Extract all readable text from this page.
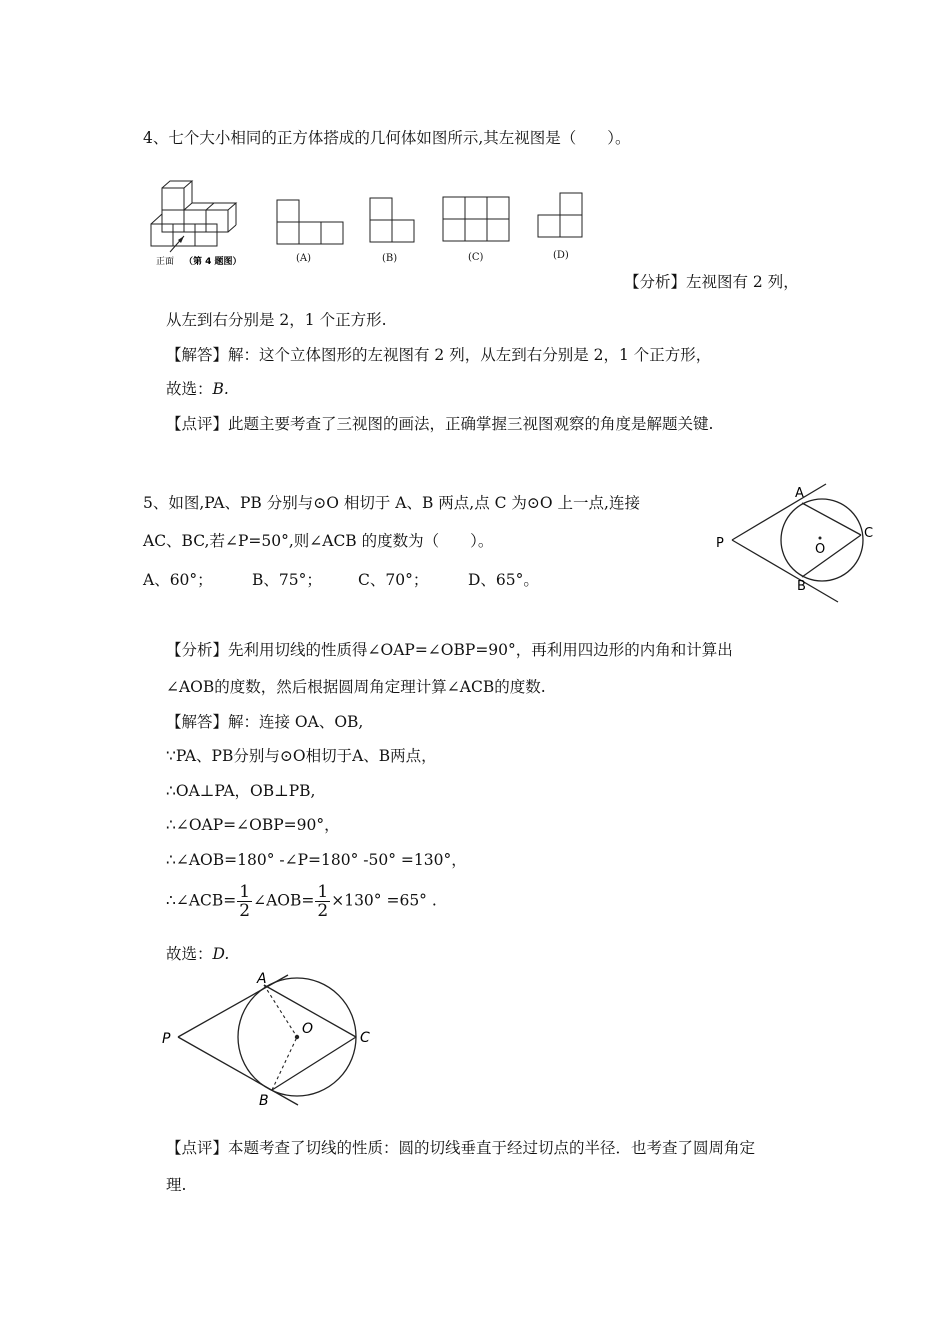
4、七个大小相同的正方体搭成的几何体如图所示,其左视图是（　　）。
正面 （第 4 题图）	(A)	(B)	(C)	(D)
【分析】左视图有 2 列，
从左到右分别是 2，1 个正方形.
【解答】解：这个立体图形的左视图有 2 列，从左到右分别是 2，1 个正方形，
故选：B.
【点评】此题主要考查了三视图的画法，正确掌握三视图观察的角度是解题关键.
5、如图,PA、PB 分别与⊙O 相切于 A、B 两点,点 C 为⊙O 上一点,连接
AC、BC,若∠P=50°,则∠ACB 的度数为（　　）。
A、60°；	B、75°； C、70°；	D、65°。
A
B
C
P	O
【分析】先利用切线的性质得∠OAP=∠OBP=90°，再利用四边形的内角和计算出
∠AOB的度数，然后根据圆周角定理计算∠ACB的度数.
【解答】解：连接 OA、OB,
∵PA、PB分别与⊙O相切于A、B两点，
∴OA⊥PA，OB⊥PB,
∴∠OAP=∠OBP=90°，
∴∠AOB=180° -∠P=180° -50° =130°，
∴∠ACB= $\frac{1}{2}$ ∠AOB= $\frac{1}{2} \times 130^\circ =65^\circ$ .
故选：D.
A
B
C
P
O
【点评】本题考查了切线的性质：圆的切线垂直于经过切点的半径．也考查了圆周角定
理.
